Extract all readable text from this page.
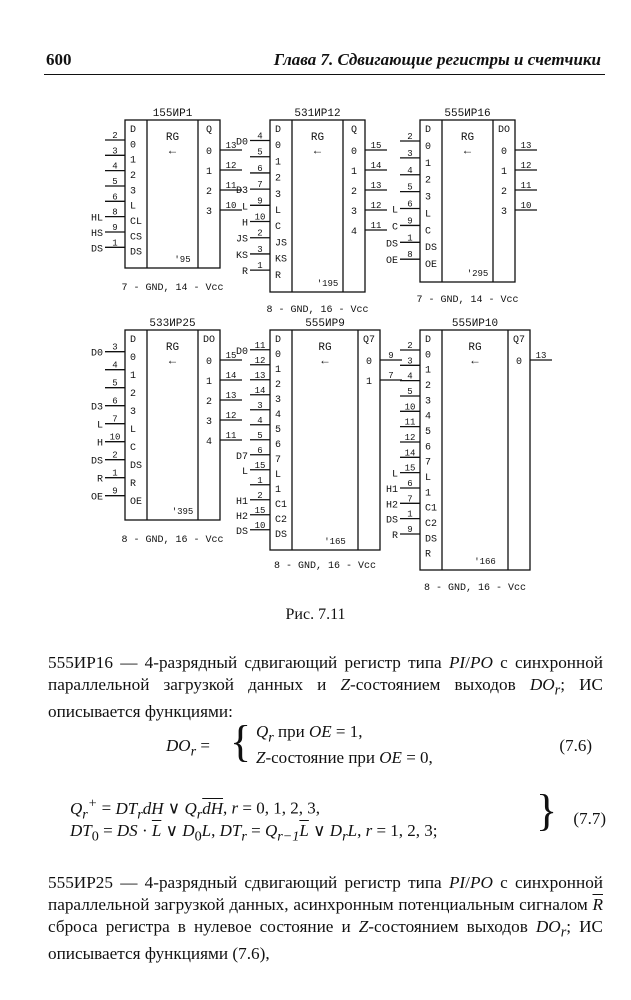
600	Глава 7. Сдвигающие регистры и счетчики
155ИР1
RG
←
Q
D
0
1
2
3
L
CL
CS
DS
2
3
4
5
6
8
HL
9
HS
1
DS
13
0
12
1
11
2
10
3
'95
7 - GND, 14 - Vcc
531ИР12
RG
←
Q
D
0
1
2
3
L
C
JS
KS
R
4
D0
5
6
7
D3
9
L
10
H
2
JS
3
KS
1
R
15
0
14
1
13
2
12
3
11
4
'195
8 - GND, 16 - Vcc
555ИР16
RG
←
DO
D
0
1
2
3
L
C
DS
OE
2
3
4
5
6
L
9
C
1
DS
8
OE
13
0
12
1
11
2
10
3
'295
7 - GND, 14 - Vcc
533ИР25
RG
←
DO
D
0
1
2
3
L
C
DS
R
OE
3
D0
4
5
6
D3
7
L
10
H
2
DS
1
R
9
OE
15
0
14
1
13
2
12
3
11
4
'395
8 - GND, 16 - Vcc
555ИР9
RG
←
Q7
D
0
1
2
3
4
5
6
7
L
1
C1
C2
DS
11
D0
12
13
14
3
4
5
6
D7
15
L
1
2
H1
15
H2
10
DS
9
0
7
1
'165
8 - GND, 16 - Vcc
555ИР10
RG
←
Q7
D
0
1
2
3
4
5
6
7
L
1
C1
C2
DS
R
2
3
4
5
10
11
12
14
15
L
6
H1
7
H2
1
DS
9
R
13
0
'166
8 - GND, 16 - Vcc
Рис. 7.11
555ИР16 — 4-разрядный сдвигающий регистр типа PI/PO с синхронной параллельной загрузкой данных и Z-состоянием выходов $DO_r$; ИС описывается функциями:
$DO_r$ = { $Q_r$ при OE = 1,
Z-состояние при OE = 0,
(7.6)
$Q_r^+ = DT_rdH$ ∨ $Q_r\overline{dH}$, r = 0, 1, 2, 3,
$DT_0$ = DS · $\overline{L}$ ∨ $D_0L$, $DT_r = Q_{r-1}\overline{L}$ ∨ $D_rL$, r = 1, 2, 3; } (7.7)
555ИР25 — 4-разрядный сдвигающий регистр типа PI/PO с синхронной параллельной загрузкой данных, асинхронным потенциальным сигналом $\overline{R}$ сброса регистра в нулевое состояние и Z-состоянием выходов $DO_r$; ИС описывается функциями (7.6),
